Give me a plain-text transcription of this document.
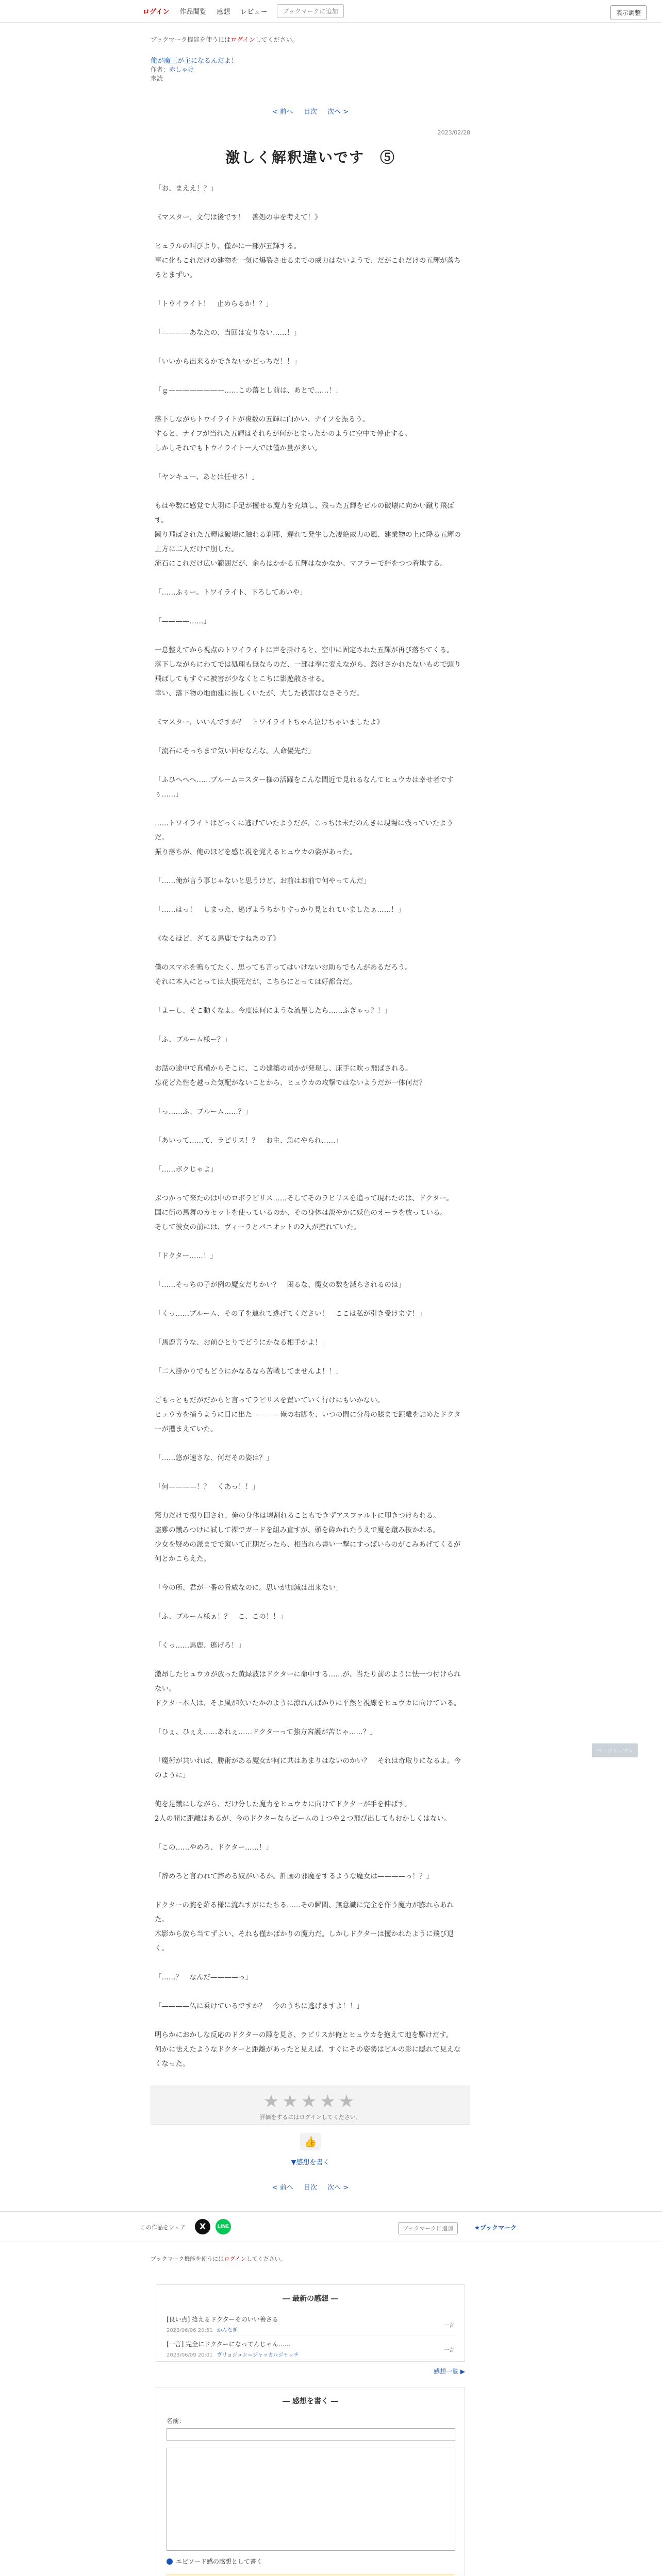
ログイン	作品閲覧	感想	レビュー	ブックマークに追加	表示調整
ブックマーク機能を使うにはログインしてください。
俺が魔王が主になるんだよ！
作者：赤しゃけ
未読
< 前へ 目次 次へ >
2023/02/28
激しく解釈違いです　⑤

「お、まええ！？」

《マスター、文句は後です！　善処の事を考えて！》

ヒュラルの叫びより、僅かに一部が五輝する。
事に化もこれだけの建物を一気に爆裂させるまでの威力はないようで、だがこれだけの五輝が落ちるとまずい。

「トウイライト！　止めらるか！？」

「————あなたの、当回は安りない……！」

「いいから出来るかできないかどっちだ！！」

「ｇ————————……この落とし前は、あとで……！」

落下しながらトウイライトが複数の五輝に向かい、ナイフを振るう。
すると、ナイフが当れた五輝はそれらが何かとまったかのように空中で停止する。
しかしそれでもトウイライト一人では僅か量が多い。

「ヤンキュー、あとは任せろ！」

もはや数に感覚で大羽に手足が攫せる魔力を充填し、残った五輝をビルの破壊に向かい蹴り飛ばす。
蹴り飛ばされた五輝は破壊に触れる刹那、遅れて発生した凄絶威力の風、建業物の上に降る五輝の上方に二人だけで崩した。
流石にこれだけ広い範囲だが、余らはかかる五輝はなかなか、マフラーで絆をつつ着地する。

「……ふぅー。トワイライト、下ろしてあいや」

「————……」

一息整えてから視点のトワイライトに声を掛けると、空中に固定された五輝が再び落ちてくる。
落下しながらにわてでは処理も無ならのだ、一部は奉に変えながら、怒けさかれたないもので頭り飛ばしてもすぐに被害が少なくとこちに影遊散させる。
幸い、落下物の地面建に振しくいたが、大した被害はなさそうだ。

《マスター、いいんですか？　トワイライトちゃん泣けちゃいましたよ》

「流石にそっちまで気い回せなんな。人命優先だ」

「ふひへへへ……ブルーム＝スター様の活躍をこんな間近で見れるなんてヒュウカは幸せ者ですぅ……」

……トワイライトはどっくに逃げていたようだが、こっちは未だのんきに現場に残っていたようだ。
振り落ちが、俺のほどを感じ視を覚えるヒュウカの姿があった。

「……俺が言う事じゃないと思うけど、お前はお前で何やってんだ」

「……はっ！　しまった、逃げようちかりすっかり見とれていましたぁ……！」

《なるほど、ざてる馬鹿ですねあの子》

僕のスマホを鳴らてたく、思っても言ってはいけないお助らでもんがあるだろう。
それに本人にとっては大損死だが、こちらにとっては好都合だ。

「よーし、そこ動くなよ。今度は何にような流星したら……ふぎゃっ？！」

「ふ、ブルーム様ー？」

お話の途中で真横からそこに、この建築の司かが発現し、床手に吹っ飛ばされる。
忘花どた性を越った気配がないことから、ヒュウカの攻撃ではないようだが一体何だ？

「っ……ふ、ブルーム……？」

「あいって……て、ラピリス！？　お主、急にやられ……」

「……ボクじゃよ」

ぶつかって来たのは中のロボラピリス……そしてそのラピリスを追って現れたのは、ドクター。
国に街の馬舞のカセットを使っているのか、その身体は淡やかに妖色のオーラを放っている。
そして彼女の前には、ヴィーラとパニオットの2人が控れていた。

「ドクター……！」

「……そっちの子が例の魔女だりかい？　困るな、魔女の数を減らされるのは」

「くっ……ブルーム、その子を連れて逃げてください！　ここは私が引き受けます！」

「馬鹿言うな、お前ひとりでどうにかなる相手かよ！」

「二人掛かりでもどうにかなるなら苦戦してませんよ！！」

ごもっともだがだからと言ってラピリスを置いていく行けにもいかない。
ヒュウカを捕うように目に出た————俺の右脚を、いつの間に分母の膝まで距離を詰めたドクターが攫まえていた。

「……悠が速さな、何だその姿は？」

「何————！？　くあっ！！」

驚力だけで振り回され、俺の身体は壊割れることもできずアスファルトに叩きつけられる。
盗難の蹴みつけに試して裸でガードを組み直すが、頭を砕かれたうえで魔を蹴み抜かれる。
少女を疑めの派までで窺いて正期だったら、相当れら書い一撃にすっぱいらのがこみあげてくるが何とかこらえた。

「今の所、君が一番の脅威なのに。思いが加減は出来ない」

「ふ、ブルーム様ぁ！？　こ、この！！」

「くっ……馬鹿、逃げろ！」

激昂したヒュウカが放った黄緑波はドクターに命中する……が、当たり前のように怯一つ付けられない。
ドクター本人は、そよ風が吹いたかのように涼れんばかりに平然と視線をヒュウカに向けている。

「ひぇ、ひぇえ……あれぇ……ドクターって強方宮護が苦じゃ……？」

「魔術が共いれば、勝術がある魔女が何に共はあまりはないのかい？　それは奇取りになるよ。今のように」

俺を足蹴にしながら、だけ分した魔力をヒュウカに向けてドクターが手を伸ばす。
2人の間に距離はあるが、今のドクターならビームの１つや２つ飛び出してもおかしくはない。

「この……やめろ、ドクター……！」

「辞めろと言われて辞める奴がいるか。計画の邪魔をするような魔女は————っ！？」

ドクターの腕を薙る様に流れすがにたちる……その瞬間、無意識に完全を作う魔力が膨れらあれた。
木影から放ら当てずよい、それも僅かばかりの魔力だ。しかしドクターは攫かれたように飛び退く。

「……？　なんだ————っ」

「————仏に乗けているですか？　今のうちに逃げますよ！！」

明らかにおかしな反応のドクターの隙を見さ、ラピリスが俺とヒュウカを抱えて地を駆けだす。
何かに怯えたようなドクターと距離があったと見えば、すぐにその姿勢はビルの影に隠れて見えなくなった。

★★★★★
評価をするにはログインしてください。
👍
▼感想を書く
< 前へ 目次 次へ >
この作品をシェア	X	LINE	ブックマークに追加	★ブックマーク
ブックマーク機能を使うにはログインしてください。
― 最新の感想 ―
[良い点] 捻えるドクターそのいい善さる
2023/06/06 20:51 かんなぎ
一言
[一言] 完全にドクターになってんじゃん……
2023/06/09 20:01 ヴリョジュン＝ジャッカルジャッチ
一言
感想一覧 ▶
― 感想を書く ―
名前：
エピソード感の感想として書く
ページトップへ
